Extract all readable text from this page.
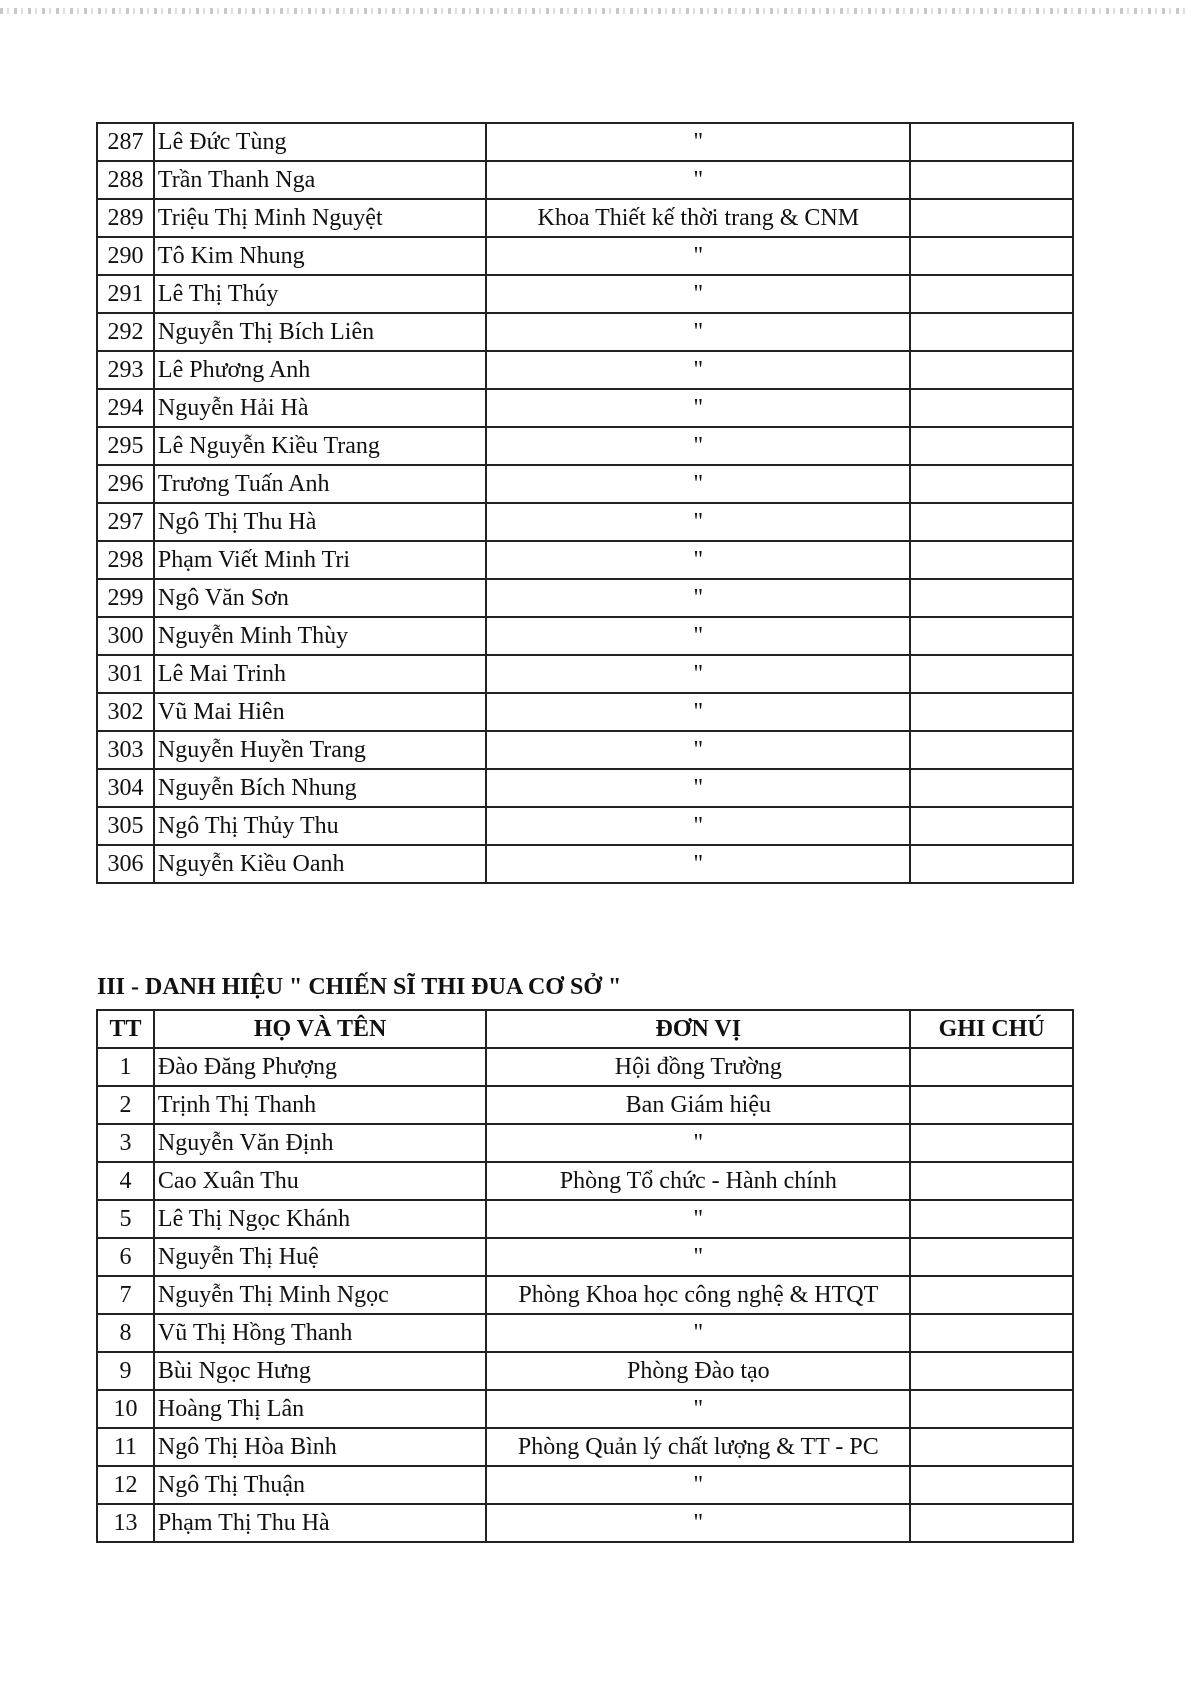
287	Lê Đức Tùng	"	
288	Trần Thanh Nga	"	
289	Triệu Thị Minh Nguyệt	Khoa Thiết kế thời trang & CNM	
290	Tô Kim Nhung	"	
291	Lê Thị Thúy	"	
292	Nguyễn Thị Bích Liên	"	
293	Lê Phương Anh	"	
294	Nguyễn Hải Hà	"	
295	Lê Nguyễn Kiều Trang	"	
296	Trương Tuấn Anh	"	
297	Ngô Thị Thu Hà	"	
298	Phạm Viết Minh Tri	"	
299	Ngô Văn Sơn	"	
300	Nguyễn Minh Thùy	"	
301	Lê Mai Trinh	"	
302	Vũ Mai Hiên	"	
303	Nguyễn Huyền Trang	"	
304	Nguyễn Bích Nhung	"	
305	Ngô Thị Thủy Thu	"	
306	Nguyễn Kiều Oanh	"	
III - DANH HIỆU " CHIẾN SĨ THI ĐUA CƠ SỞ "
TT	HỌ VÀ TÊN	ĐƠN VỊ	GHI CHÚ
1	Đào Đăng Phượng	Hội đồng Trường	
2	Trịnh Thị Thanh	Ban Giám hiệu	
3	Nguyễn Văn Định	"	
4	Cao Xuân Thu	Phòng Tổ chức - Hành chính	
5	Lê Thị Ngọc Khánh	"	
6	Nguyễn Thị Huệ	"	
7	Nguyễn Thị Minh Ngọc	Phòng Khoa học công nghệ & HTQT	
8	Vũ Thị Hồng Thanh	"	
9	Bùi Ngọc Hưng	Phòng Đào tạo	
10	Hoàng Thị Lân	"	
11	Ngô Thị Hòa Bình	Phòng Quản lý chất lượng & TT - PC	
12	Ngô Thị Thuận	"	
13	Phạm Thị Thu Hà	"	
